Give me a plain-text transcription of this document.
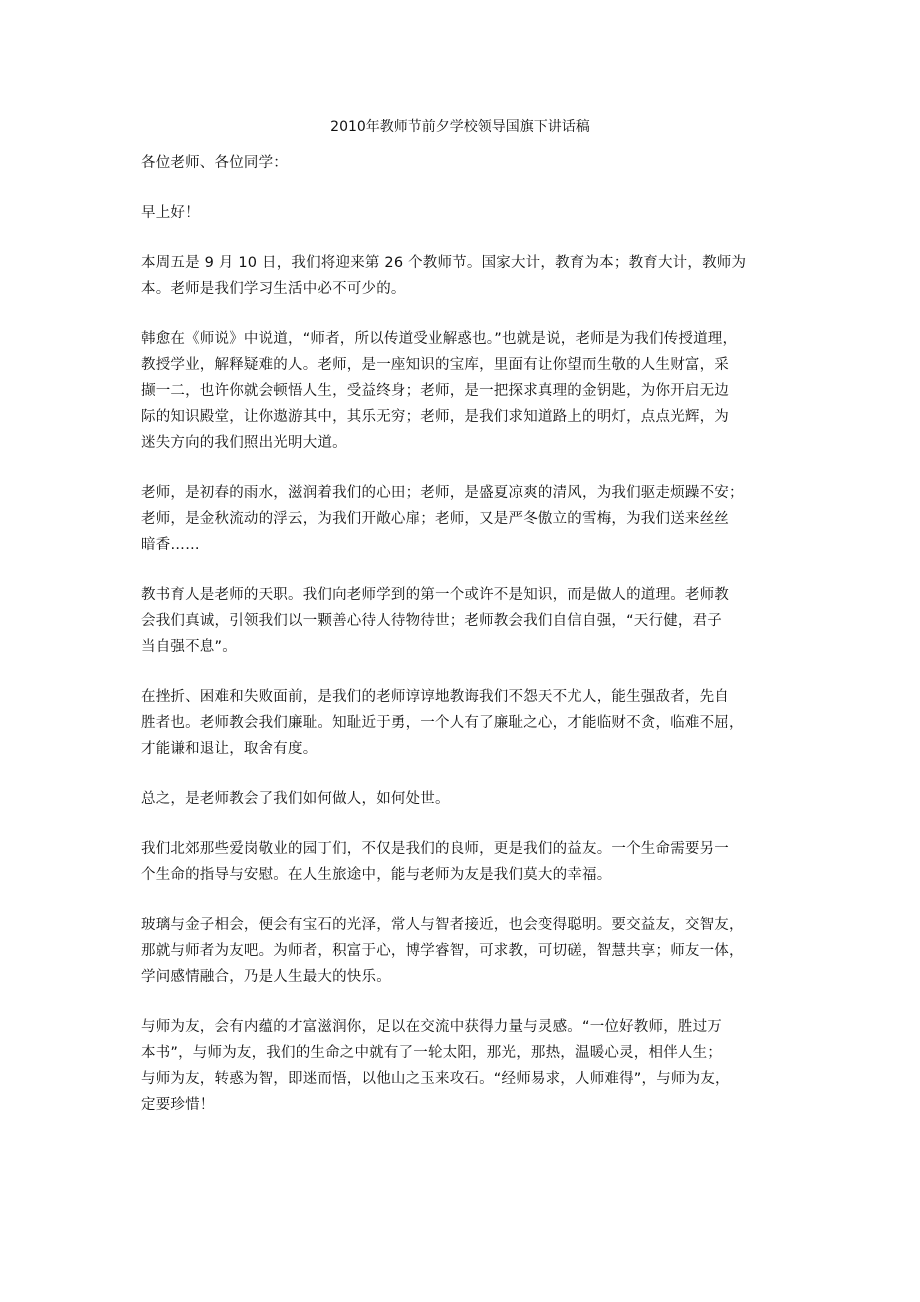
2010年教师节前夕学校领导国旗下讲话稿

各位老师、各位同学：

早上好！

本周五是 9 月 10 日，我们将迎来第 26 个教师节。国家大计，教育为本；教育大计，教师为
本。老师是我们学习生活中必不可少的。

韩愈在《师说》中说道，“师者，所以传道受业解惑也。”也就是说，老师是为我们传授道理，
教授学业，解释疑难的人。老师，是一座知识的宝库，里面有让你望而生敬的人生财富，采
撷一二，也许你就会顿悟人生，受益终身；老师，是一把探求真理的金钥匙，为你开启无边
际的知识殿堂，让你遨游其中，其乐无穷；老师，是我们求知道路上的明灯，点点光辉，为
迷失方向的我们照出光明大道。

老师，是初春的雨水，滋润着我们的心田；老师，是盛夏凉爽的清风，为我们驱走烦躁不安；
老师，是金秋流动的浮云，为我们开敞心扉；老师，又是严冬傲立的雪梅，为我们送来丝丝
暗香……

教书育人是老师的天职。我们向老师学到的第一个或许不是知识，而是做人的道理。老师教
会我们真诚，引领我们以一颗善心待人待物待世；老师教会我们自信自强，“天行健，君子
当自强不息”。

在挫折、困难和失败面前，是我们的老师谆谆地教诲我们不怨天不尤人，能生强敌者，先自
胜者也。老师教会我们廉耻。知耻近于勇，一个人有了廉耻之心，才能临财不贪，临难不屈，
才能谦和退让，取舍有度。

总之，是老师教会了我们如何做人，如何处世。

我们北郊那些爱岗敬业的园丁们，不仅是我们的良师，更是我们的益友。一个生命需要另一
个生命的指导与安慰。在人生旅途中，能与老师为友是我们莫大的幸福。

玻璃与金子相会，便会有宝石的光泽，常人与智者接近，也会变得聪明。要交益友，交智友，
那就与师者为友吧。为师者，积富于心，博学睿智，可求教，可切磋，智慧共享；师友一体，
学问感情融合，乃是人生最大的快乐。

与师为友，会有内蕴的才富滋润你，足以在交流中获得力量与灵感。“一位好教师，胜过万
本书”，与师为友，我们的生命之中就有了一轮太阳，那光，那热，温暖心灵，相伴人生；
与师为友，转惑为智，即迷而悟，以他山之玉来攻石。“经师易求，人师难得”，与师为友，
定要珍惜！
